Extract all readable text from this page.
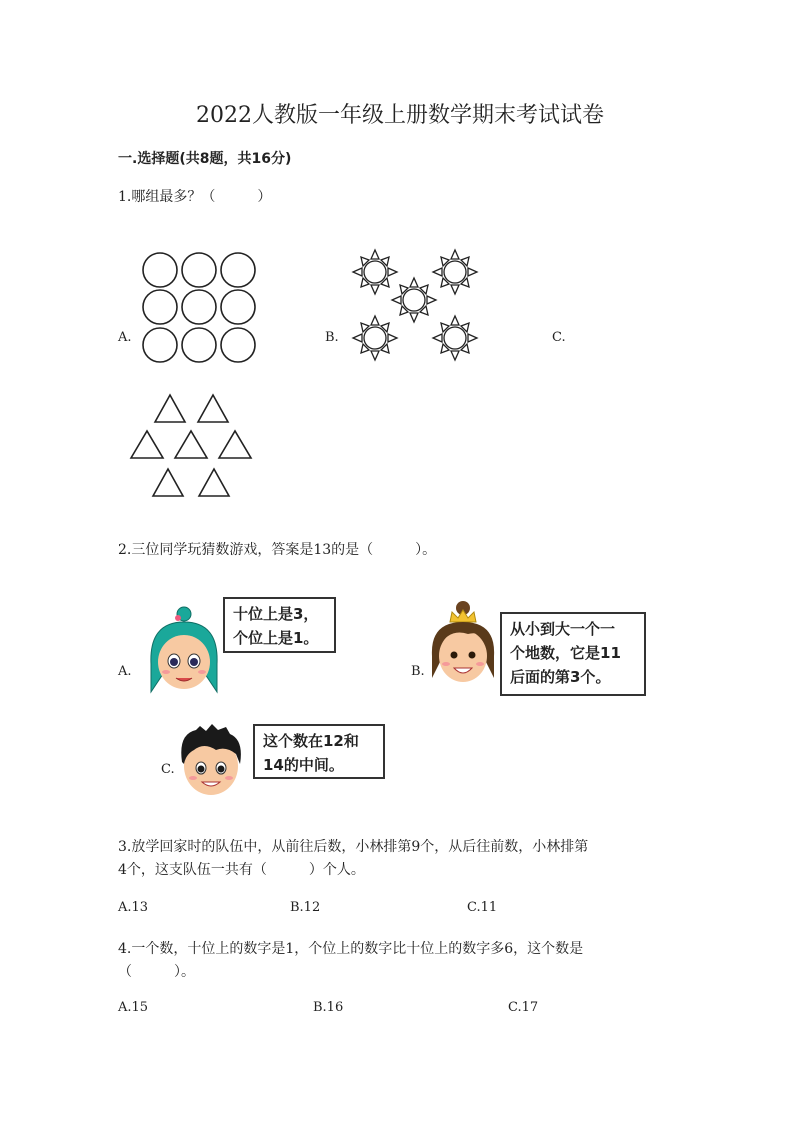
2022人教版一年级上册数学期末考试试卷
一.选择题(共8题，共16分)
1.哪组最多？（　　　）
A.	B.	C.
2.三位同学玩猜数游戏，答案是13的是（　　　）。
A.
十位上是3，
个位上是1。
B.
从小到大一个一
个地数，它是11
后面的第3个。
C.
这个数在12和
14的中间。
3.放学回家时的队伍中，从前往后数，小林排第9个，从后往前数，小林排第
4个，这支队伍一共有（　　　）个人。
A.13	B.12	C.11
4.一个数，十位上的数字是1，个位上的数字比十位上的数字多6，这个数是
（　　　）。
A.15	B.16	C.17
